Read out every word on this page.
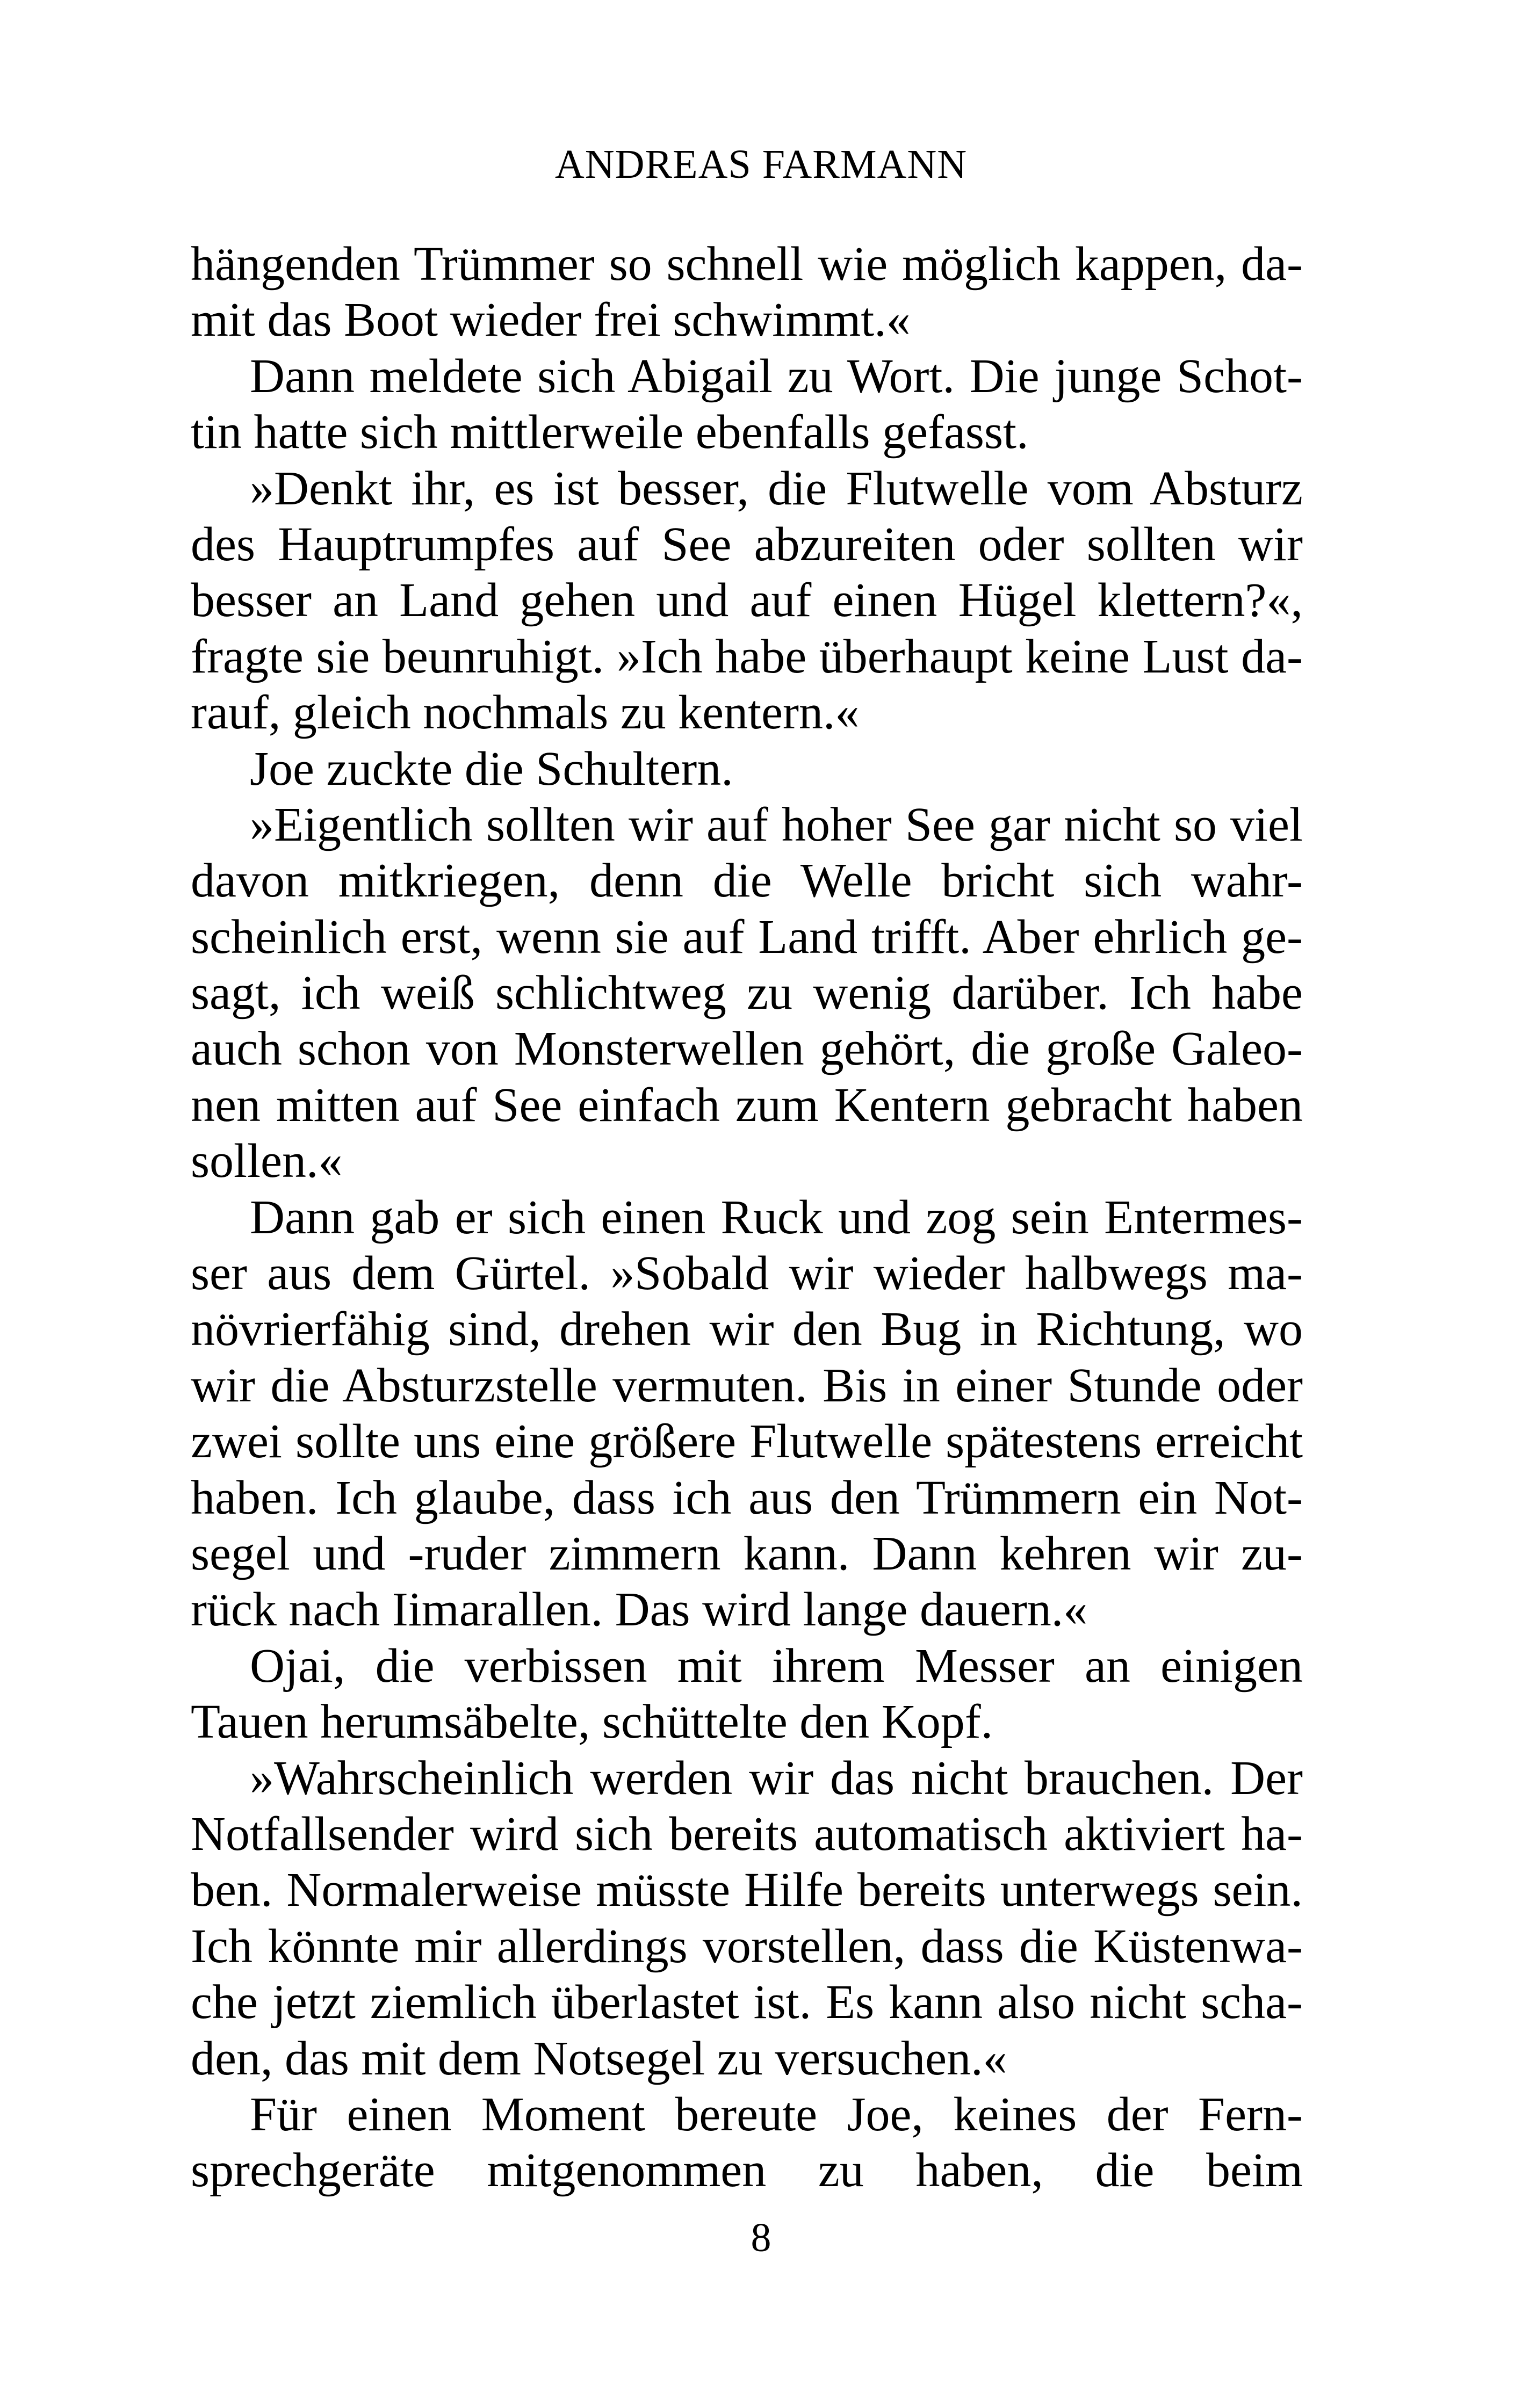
ANDREAS FARMANN
hängenden Trümmer so schnell wie möglich kappen, da-
mit das Boot wieder frei schwimmt.«
Dann meldete sich Abigail zu Wort. Die junge Schot-
tin hatte sich mittlerweile ebenfalls gefasst.
»Denkt ihr, es ist besser, die Flutwelle vom Absturz
des Hauptrumpfes auf See abzureiten oder sollten wir
besser an Land gehen und auf einen Hügel klettern?«,
fragte sie beunruhigt. »Ich habe überhaupt keine Lust da-
rauf, gleich nochmals zu kentern.«
Joe zuckte die Schultern.
»Eigentlich sollten wir auf hoher See gar nicht so viel
davon mitkriegen, denn die Welle bricht sich wahr-
scheinlich erst, wenn sie auf Land trifft. Aber ehrlich ge-
sagt, ich weiß schlichtweg zu wenig darüber. Ich habe
auch schon von Monsterwellen gehört, die große Galeo-
nen mitten auf See einfach zum Kentern gebracht haben
sollen.«
Dann gab er sich einen Ruck und zog sein Entermes-
ser aus dem Gürtel. »Sobald wir wieder halbwegs ma-
növrierfähig sind, drehen wir den Bug in Richtung, wo
wir die Absturzstelle vermuten. Bis in einer Stunde oder
zwei sollte uns eine größere Flutwelle spätestens erreicht
haben. Ich glaube, dass ich aus den Trümmern ein Not-
segel und -ruder zimmern kann. Dann kehren wir zu-
rück nach Iimarallen. Das wird lange dauern.«
Ojai, die verbissen mit ihrem Messer an einigen
Tauen herumsäbelte, schüttelte den Kopf.
»Wahrscheinlich werden wir das nicht brauchen. Der
Notfallsender wird sich bereits automatisch aktiviert ha-
ben. Normalerweise müsste Hilfe bereits unterwegs sein.
Ich könnte mir allerdings vorstellen, dass die Küstenwa-
che jetzt ziemlich überlastet ist. Es kann also nicht scha-
den, das mit dem Notsegel zu versuchen.«
Für einen Moment bereute Joe, keines der Fern-
sprechgeräte mitgenommen zu haben, die beim
8
